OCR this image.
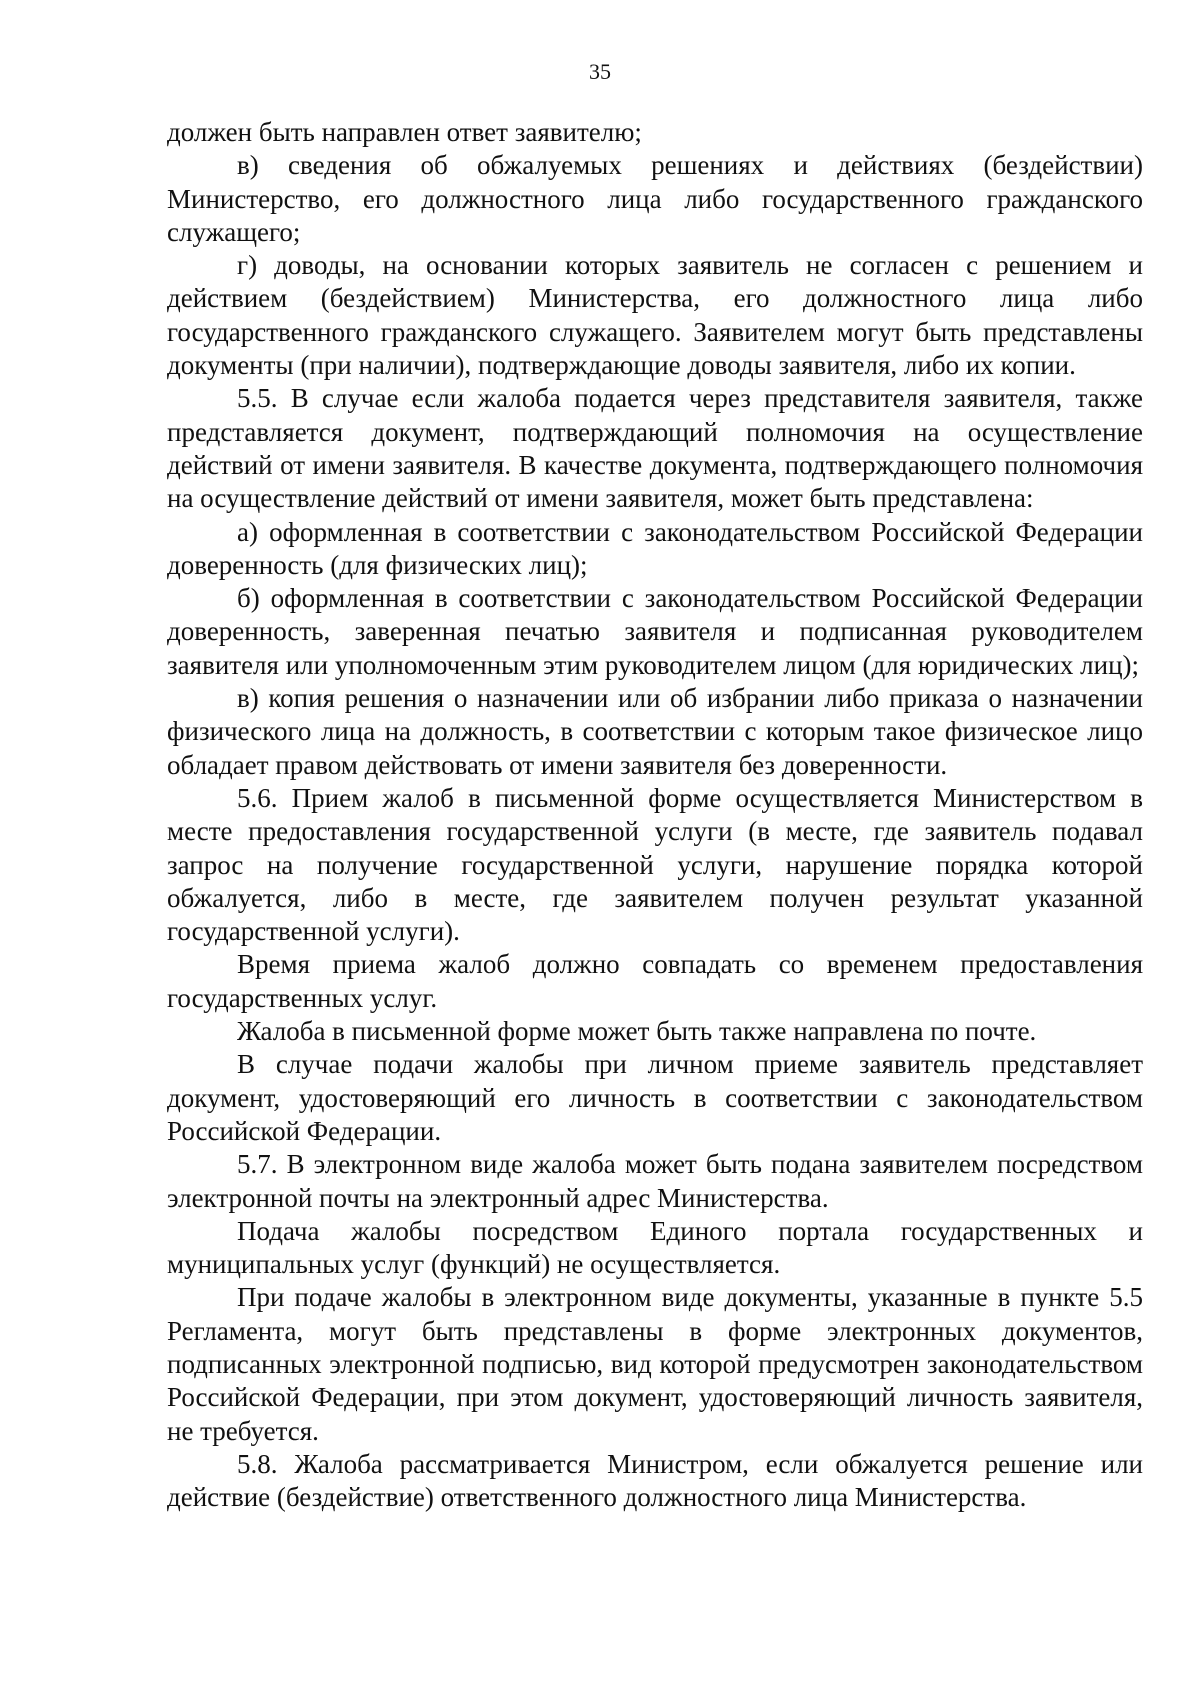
35

должен быть направлен ответ заявителю;

в) сведения об обжалуемых решениях и действиях (бездействии) Министерство, его должностного лица либо государственного гражданского служащего;

г) доводы, на основании которых заявитель не согласен с решением и действием (бездействием) Министерства, его должностного лица либо государственного гражданского служащего. Заявителем могут быть представлены документы (при наличии), подтверждающие доводы заявителя, либо их копии.

5.5. В случае если жалоба подается через представителя заявителя, также представляется документ, подтверждающий полномочия на осуществление действий от имени заявителя. В качестве документа, подтверждающего полномочия на осуществление действий от имени заявителя, может быть представлена:

а) оформленная в соответствии с законодательством Российской Федерации доверенность (для физических лиц);

б) оформленная в соответствии с законодательством Российской Федерации доверенность, заверенная печатью заявителя и подписанная руководителем заявителя или уполномоченным этим руководителем лицом (для юридических лиц);

в) копия решения о назначении или об избрании либо приказа о назначении физического лица на должность, в соответствии с которым такое физическое лицо обладает правом действовать от имени заявителя без доверенности.

5.6. Прием жалоб в письменной форме осуществляется Министерством в месте предоставления государственной услуги (в месте, где заявитель подавал запрос на получение государственной услуги, нарушение порядка которой обжалуется, либо в месте, где заявителем получен результат указанной государственной услуги).

Время приема жалоб должно совпадать со временем предоставления государственных услуг.

Жалоба в письменной форме может быть также направлена по почте.

В случае подачи жалобы при личном приеме заявитель представляет документ, удостоверяющий его личность в соответствии с законодательством Российской Федерации.

5.7. В электронном виде жалоба может быть подана заявителем посредством электронной почты на электронный адрес Министерства.

Подача жалобы посредством Единого портала государственных и муниципальных услуг (функций) не осуществляется.

При подаче жалобы в электронном виде документы, указанные в пункте 5.5 Регламента, могут быть представлены в форме электронных документов, подписанных электронной подписью, вид которой предусмотрен законодательством Российской Федерации, при этом документ, удостоверяющий личность заявителя, не требуется.

5.8. Жалоба рассматривается Министром, если обжалуется решение или действие (бездействие) ответственного должностного лица Министерства.
